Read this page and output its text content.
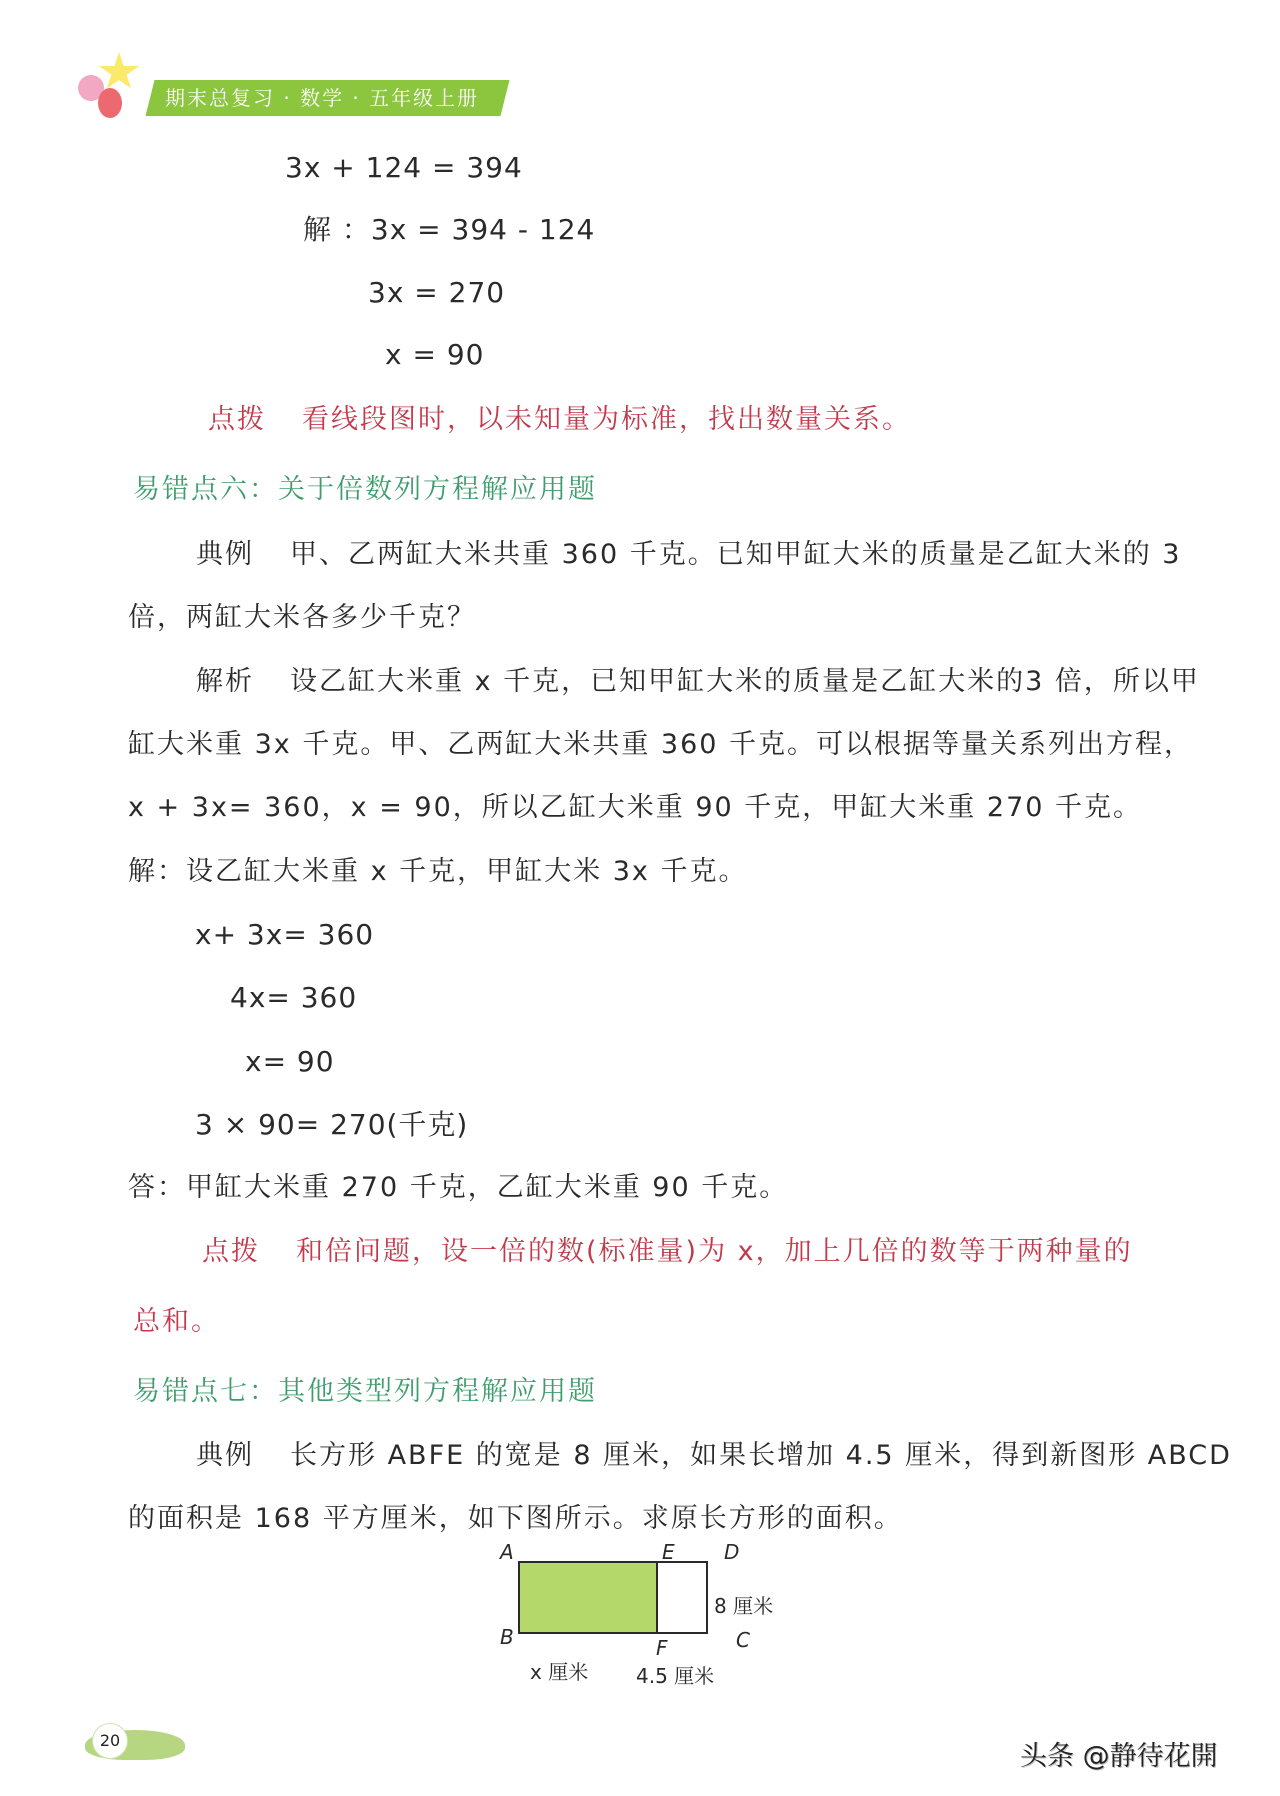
期末总复习 · 数学 · 五年级上册
3x + 124 = 394
解 ：3x = 394 - 124
3x = 270
x = 90
点拨 看线段图时，以未知量为标准，找出数量关系。
易错点六：关于倍数列方程解应用题
典例 甲、乙两缸大米共重 360 千克。已知甲缸大米的质量是乙缸大米的 3
倍，两缸大米各多少千克？
解析 设乙缸大米重 x 千克，已知甲缸大米的质量是乙缸大米的3 倍，所以甲
缸大米重 3x 千克。甲、乙两缸大米共重 360 千克。可以根据等量关系列出方程，
x + 3x= 360，x = 90，所以乙缸大米重 90 千克，甲缸大米重 270 千克。
解：设乙缸大米重 x 千克，甲缸大米 3x 千克。
x+ 3x= 360
4x= 360
x= 90
3 × 90= 270(千克)
答：甲缸大米重 270 千克，乙缸大米重 90 千克。
点拨 和倍问题，设一倍的数(标准量)为 x，加上几倍的数等于两种量的
总和。
易错点七：其他类型列方程解应用题
典例 长方形 ABFE 的宽是 8 厘米，如果长增加 4.5 厘米，得到新图形 ABCD
的面积是 168 平方厘米，如下图所示。求原长方形的面积。
A	E D
B	F	C
8 厘米
x 厘米 4.5 厘米
20
头条 @静待花開
